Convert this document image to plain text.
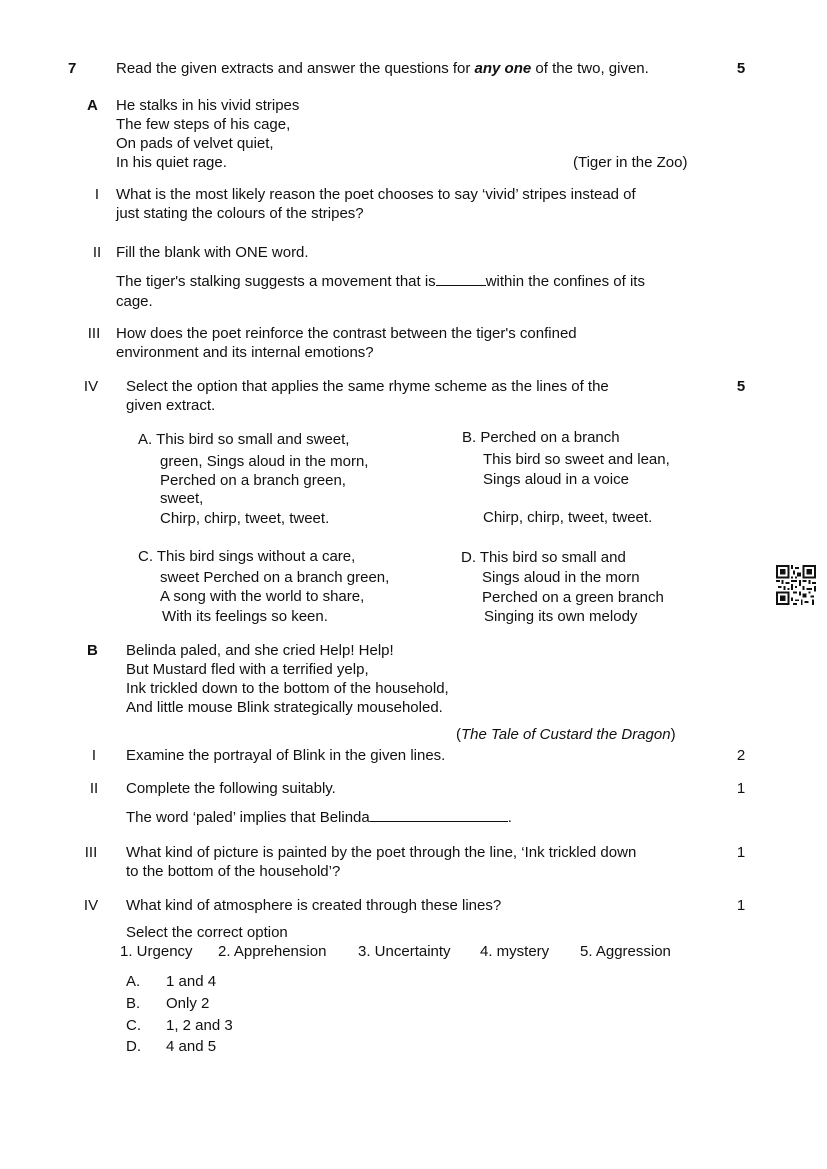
7	Read the given extracts and answer the questions for any one of the two, given.	5
A He stalks in his vivid stripes
The few steps of his cage,
On pads of velvet quiet,
In his quiet rage.	(Tiger in the Zoo)
I	What is the most likely reason the poet chooses to say ‘vivid’ stripes instead of
just stating the colours of the stripes?
II Fill the blank with ONE word.
The tiger's stalking suggests a movement that is	within the confines of its
cage.
III	How does the poet reinforce the contrast between the tiger's confined
environment and its internal emotions?
IV	Select the option that applies the same rhyme scheme as the lines of the
given extract.
5
A. This bird so small and sweet,
green, Sings aloud in the morn,
Perched on a branch green,
sweet,
Chirp, chirp, tweet, tweet.
B. Perched on a branch
This bird so sweet and lean,
Sings aloud in a voice
Chirp, chirp, tweet, tweet.
C. This bird sings without a care,
sweet Perched on a branch green,
A song with the world to share,
With its feelings so keen.
D. This bird so small and
Sings aloud in the morn
Perched on a green branch
Singing its own melody
B Belinda paled, and she cried Help! Help!
But Mustard fled with a terrified yelp,
Ink trickled down to the bottom of the household,
And little mouse Blink strategically mouseholed.
(The Tale of Custard the Dragon)
I	Examine the portrayal of Blink in the given lines.	2
II	Complete the following suitably.	1
The word ‘paled’ implies that Belinda	.
III	What kind of picture is painted by the poet through the line, ‘Ink trickled down
to the bottom of the household’?
1
IV	What kind of atmosphere is created through these lines?	1
Select the correct option
1. Urgency 2. Apprehension 3. Uncertainty 4. mystery 5. Aggression
A. 1 and 4
B. Only 2
C. 1, 2 and 3
D. 4 and 5
